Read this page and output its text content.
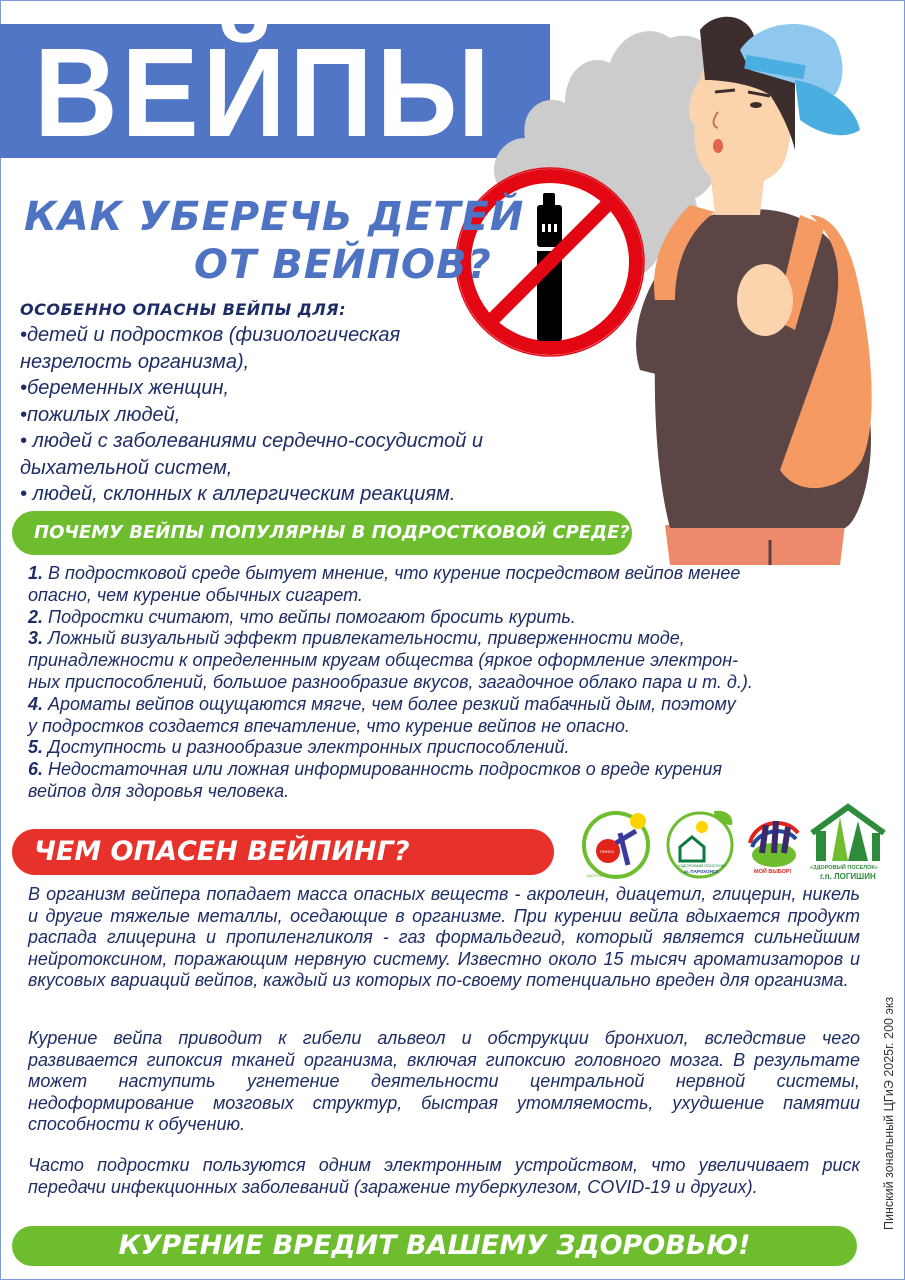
ВЕЙПЫ
КАК УБЕРЕЧЬ ДЕТЕЙ
ОТ ВЕЙПОВ?
ОСОБЕННО ОПАСНЫ ВЕЙПЫ ДЛЯ:
•детей и подростков (физиологическая
незрелость организма),
•беременных женщин,
•пожилых людей,
• людей с заболеваниями сердечно-сосудистой и
дыхательной систем,
• людей, склонных к аллергическим реакциям.
ПОЧЕМУ ВЕЙПЫ ПОПУЛЯРНЫ В ПОДРОСТКОВОЙ СРЕДЕ?
1. В подростковой среде бытует мнение, что курение посредством вейпов менее
опасно, чем курение обычных сигарет.
2. Подростки считают, что вейпы помогают бросить курить.
3. Ложный визуальный эффект привлекательности, приверженности моде,
принадлежности к определенным кругам общества (яркое оформление электрон-
ных приспособлений, большое разнообразие вкусов, загадочное облако пара и т. д.).
4. Ароматы вейпов ощущаются мягче, чем более резкий табачный дым, поэтому
у подростков создается впечатление, что курение вейпов не опасно.
5. Доступность и разнообразие электронных приспособлений.
6. Недостаточная или ложная информированность подростков о вреде курения
вейпов для здоровья человека.
ЧЕМ ОПАСЕН ВЕЙПИНГ?	ПИНСК
ЗДОРОВЫЙ ГОРОД
«ЗДОРОВЫЙ ПОСЕЛОК»
аг. ПАРОХОНСК	МОЙ ВЫБОР!
«ЗДОРОВЫЙ ПОСЕЛОК»
г.п. ЛОГИШИН
В организм вейпера попадает масса опасных веществ - акролеин, диацетил, глицерин, никель и другие тяжелые металлы, оседающие в организме. При курении вейла вдыхается продукт распада глицерина и пропиленгликоля - газ формальдегид, который является сильнейшим нейротоксином, поражающим нервную систему. Известно около 15 тысяч ароматизаторов и вкусовых вариаций вейпов, каждый из которых по-своему потенциально вреден для организма.
Курение вейпа приводит к гибели альвеол и обструкции бронхиол, вследствие чего развивается гипоксия тканей организма, включая гипоксию головного мозга. В результате может наступить угнетение деятельности центральной нервной системы, недоформирование мозговых структур, быстрая утомляемость, ухудшение памятии способности к обучению.
Часто подростки пользуются одним электронным устройством, что увеличивает риск передачи инфекционных заболеваний (заражение туберкулезом, COVID-19 и других).
КУРЕНИЕ ВРЕДИТ ВАШЕМУ ЗДОРОВЬЮ!
Пинский зональный ЦГиЭ 2025г. 200 экз
